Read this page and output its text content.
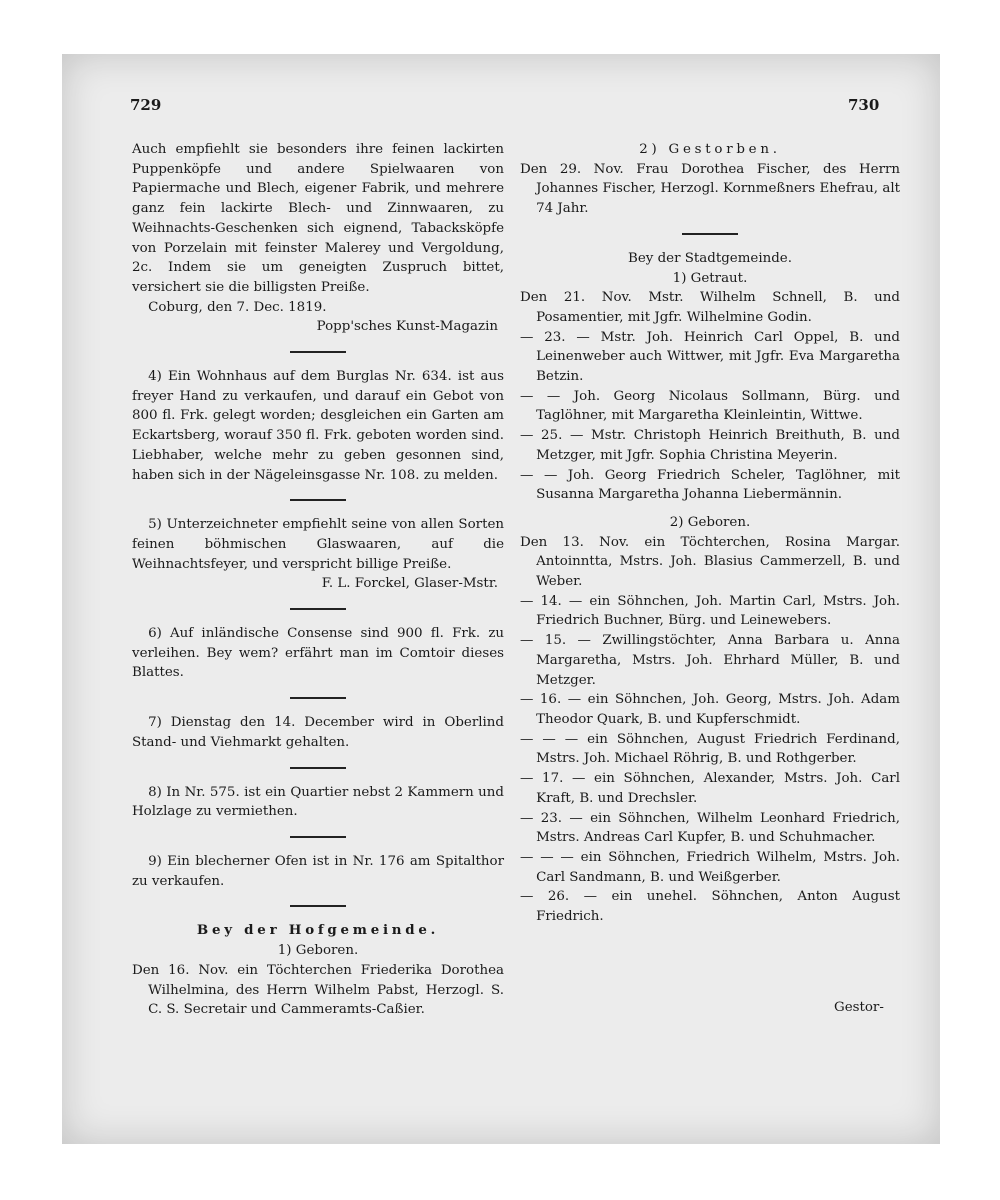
729	730

Auch empfiehlt sie besonders ihre feinen lackirten Puppenköpfe und andere Spielwaaren von Papiermache und Blech, eigener Fabrik, und mehrere ganz fein lackirte Blech- und Zinnwaaren, zu Weihnachts-Geschenken sich eignend, Tabacksköpfe von Porzelain mit feinster Malerey und Vergoldung, 2c. Indem sie um geneigten Zuspruch bittet, versichert sie die billigsten Preiße.

Coburg, den 7. Dec. 1819.

Popp'sches Kunst-Magazin

4) Ein Wohnhaus auf dem Burglas Nr. 634. ist aus freyer Hand zu verkaufen, und darauf ein Gebot von 800 fl. Frk. gelegt worden; desgleichen ein Garten am Eckartsberg, worauf 350 fl. Frk. geboten worden sind. Liebhaber, welche mehr zu geben gesonnen sind, haben sich in der Nägeleinsgasse Nr. 108. zu melden.

5) Unterzeichneter empfiehlt seine von allen Sorten feinen böhmischen Glaswaaren, auf die Weihnachtsfeyer, und verspricht billige Preiße.

F. L. Forckel, Glaser-Mstr.

6) Auf inländische Consense sind 900 fl. Frk. zu verleihen. Bey wem? erfährt man im Comtoir dieses Blattes.

7) Dienstag den 14. December wird in Oberlind Stand- und Viehmarkt gehalten.

8) In Nr. 575. ist ein Quartier nebst 2 Kammern und Holzlage zu vermiethen.

9) Ein blecherner Ofen ist in Nr. 176 am Spitalthor zu verkaufen.

Bey der Hofgemeinde.

1) Geboren.

Den 16. Nov. ein Töchterchen Friederika Dorothea Wilhelmina, des Herrn Wilhelm Pabst, Herzogl. S. C. S. Secretair und Cammeramts-Caßier.

2) Gestorben.

Den 29. Nov. Frau Dorothea Fischer, des Herrn Johannes Fischer, Herzogl. Kornmeßners Ehefrau, alt 74 Jahr.

Bey der Stadtgemeinde.

1) Getraut.

Den 21. Nov. Mstr. Wilhelm Schnell, B. und Posamentier, mit Jgfr. Wilhelmine Godin.

— 23. — Mstr. Joh. Heinrich Carl Oppel, B. und Leinenweber auch Wittwer, mit Jgfr. Eva Margaretha Betzin.

— — Joh. Georg Nicolaus Sollmann, Bürg. und Taglöhner, mit Margaretha Kleinleintin, Wittwe.

— 25. — Mstr. Christoph Heinrich Breithuth, B. und Metzger, mit Jgfr. Sophia Christina Meyerin.

— — Joh. Georg Friedrich Scheler, Taglöhner, mit Susanna Margaretha Johanna Liebermännin.

2) Geboren.

Den 13. Nov. ein Töchterchen, Rosina Margar. Antoinntta, Mstrs. Joh. Blasius Cammerzell, B. und Weber.

— 14. — ein Söhnchen, Joh. Martin Carl, Mstrs. Joh. Friedrich Buchner, Bürg. und Leinewebers.

— 15. — Zwillingstöchter, Anna Barbara u. Anna Margaretha, Mstrs. Joh. Ehrhard Müller, B. und Metzger.

— 16. — ein Söhnchen, Joh. Georg, Mstrs. Joh. Adam Theodor Quark, B. und Kupferschmidt.

— — — ein Söhnchen, August Friedrich Ferdinand, Mstrs. Joh. Michael Röhrig, B. und Rothgerber.

— 17. — ein Söhnchen, Alexander, Mstrs. Joh. Carl Kraft, B. und Drechsler.

— 23. — ein Söhnchen, Wilhelm Leonhard Friedrich, Mstrs. Andreas Carl Kupfer, B. und Schuhmacher.

— — — ein Söhnchen, Friedrich Wilhelm, Mstrs. Joh. Carl Sandmann, B. und Weißgerber.

— 26. — ein unehel. Söhnchen, Anton August Friedrich.

Gestor-
